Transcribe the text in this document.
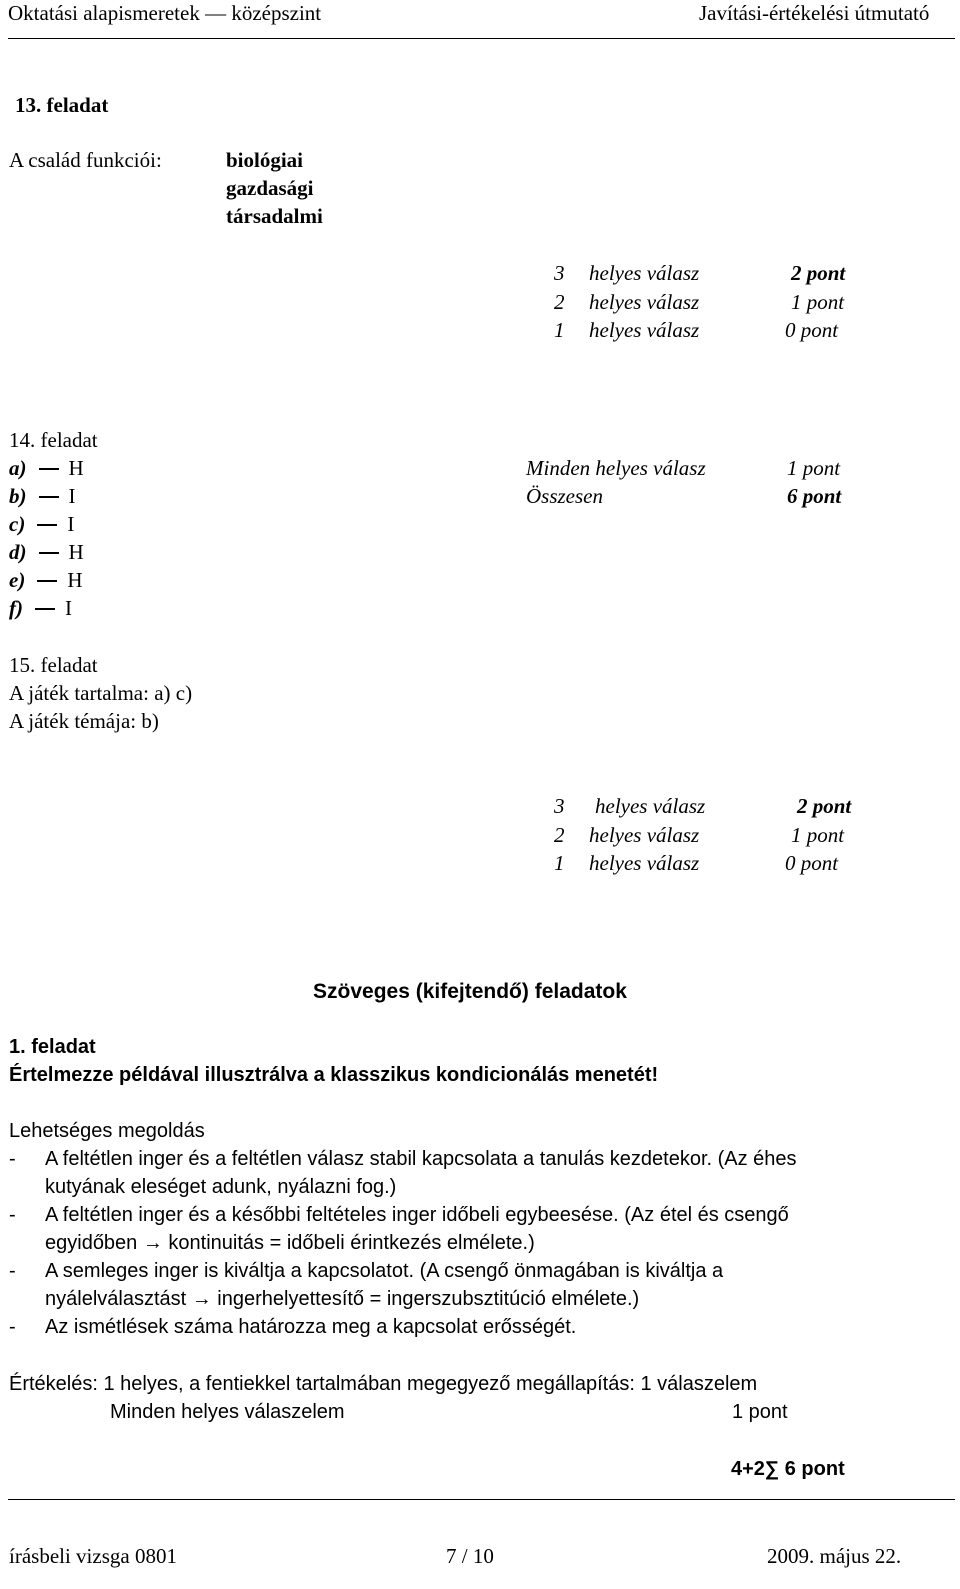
Oktatási alapismeretek — középszint	Javítási-értékelési útmutató
13. feladat
A család funkciói:	biológiai
gazdasági
társadalmi
3 helyes válasz	2 pont
2 helyes válasz	1 pont
1 helyes válasz	0 pont
14. feladat
a) H
b) I
c) I
d) H
e) H
f) I
Minden helyes válasz	1 pont
Összesen	6 pont
15. feladat
A játék tartalma: a) c)
A játék témája: b)
3 helyes válasz	2 pont
2 helyes válasz	1 pont
1 helyes válasz	0 pont
Szöveges (kifejtendő) feladatok
1. feladat
Értelmezze példával illusztrálva a klasszikus kondicionálás menetét!
Lehetséges megoldás
- A feltétlen inger és a feltétlen válasz stabil kapcsolata a tanulás kezdetekor. (Az éhes
kutyának eleséget adunk, nyálazni fog.)
- A feltétlen inger és a későbbi feltételes inger időbeli egybeesése. (Az étel és csengő
egyidőben → kontinuitás = időbeli érintkezés elmélete.)
- A semleges inger is kiváltja a kapcsolatot. (A csengő önmagában is kiváltja a
nyálelválasztást → ingerhelyettesítő = ingerszubsztitúció elmélete.)
- Az ismétlések száma határozza meg a kapcsolat erősségét.
Értékelés: 1 helyes, a fentiekkel tartalmában megegyező megállapítás: 1 válaszelem
Minden helyes válaszelem	1 pont
4+2∑ 6 pont
írásbeli vizsga 0801	7 / 10	2009. május 22.
